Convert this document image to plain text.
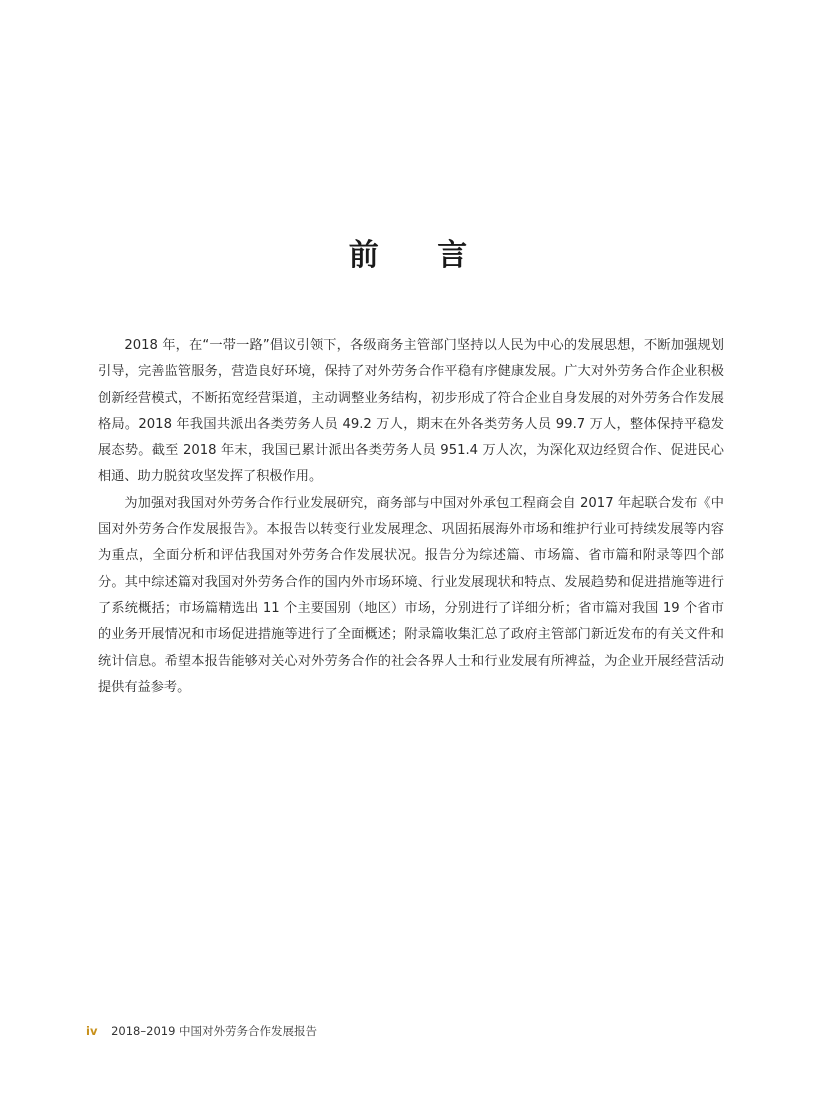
前 言

2018 年，在“一带一路”倡议引领下，各级商务主管部门坚持以人民为中心的发展思想，不断加强规划引导，完善监管服务，营造良好环境，保持了对外劳务合作平稳有序健康发展。广大对外劳务合作企业积极创新经营模式，不断拓宽经营渠道，主动调整业务结构，初步形成了符合企业自身发展的对外劳务合作发展格局。2018 年我国共派出各类劳务人员 49.2 万人，期末在外各类劳务人员 99.7 万人，整体保持平稳发展态势。截至 2018 年末，我国已累计派出各类劳务人员 951.4 万人次，为深化双边经贸合作、促进民心相通、助力脱贫攻坚发挥了积极作用。

为加强对我国对外劳务合作行业发展研究，商务部与中国对外承包工程商会自 2017 年起联合发布《中国对外劳务合作发展报告》。本报告以转变行业发展理念、巩固拓展海外市场和维护行业可持续发展等内容为重点，全面分析和评估我国对外劳务合作发展状况。报告分为综述篇、市场篇、省市篇和附录等四个部分。其中综述篇对我国对外劳务合作的国内外市场环境、行业发展现状和特点、发展趋势和促进措施等进行了系统概括；市场篇精选出 11 个主要国别（地区）市场，分别进行了详细分析；省市篇对我国 19 个省市的业务开展情况和市场促进措施等进行了全面概述；附录篇收集汇总了政府主管部门新近发布的有关文件和统计信息。希望本报告能够对关心对外劳务合作的社会各界人士和行业发展有所裨益，为企业开展经营活动提供有益参考。

iv 2018–2019 中国对外劳务合作发展报告
